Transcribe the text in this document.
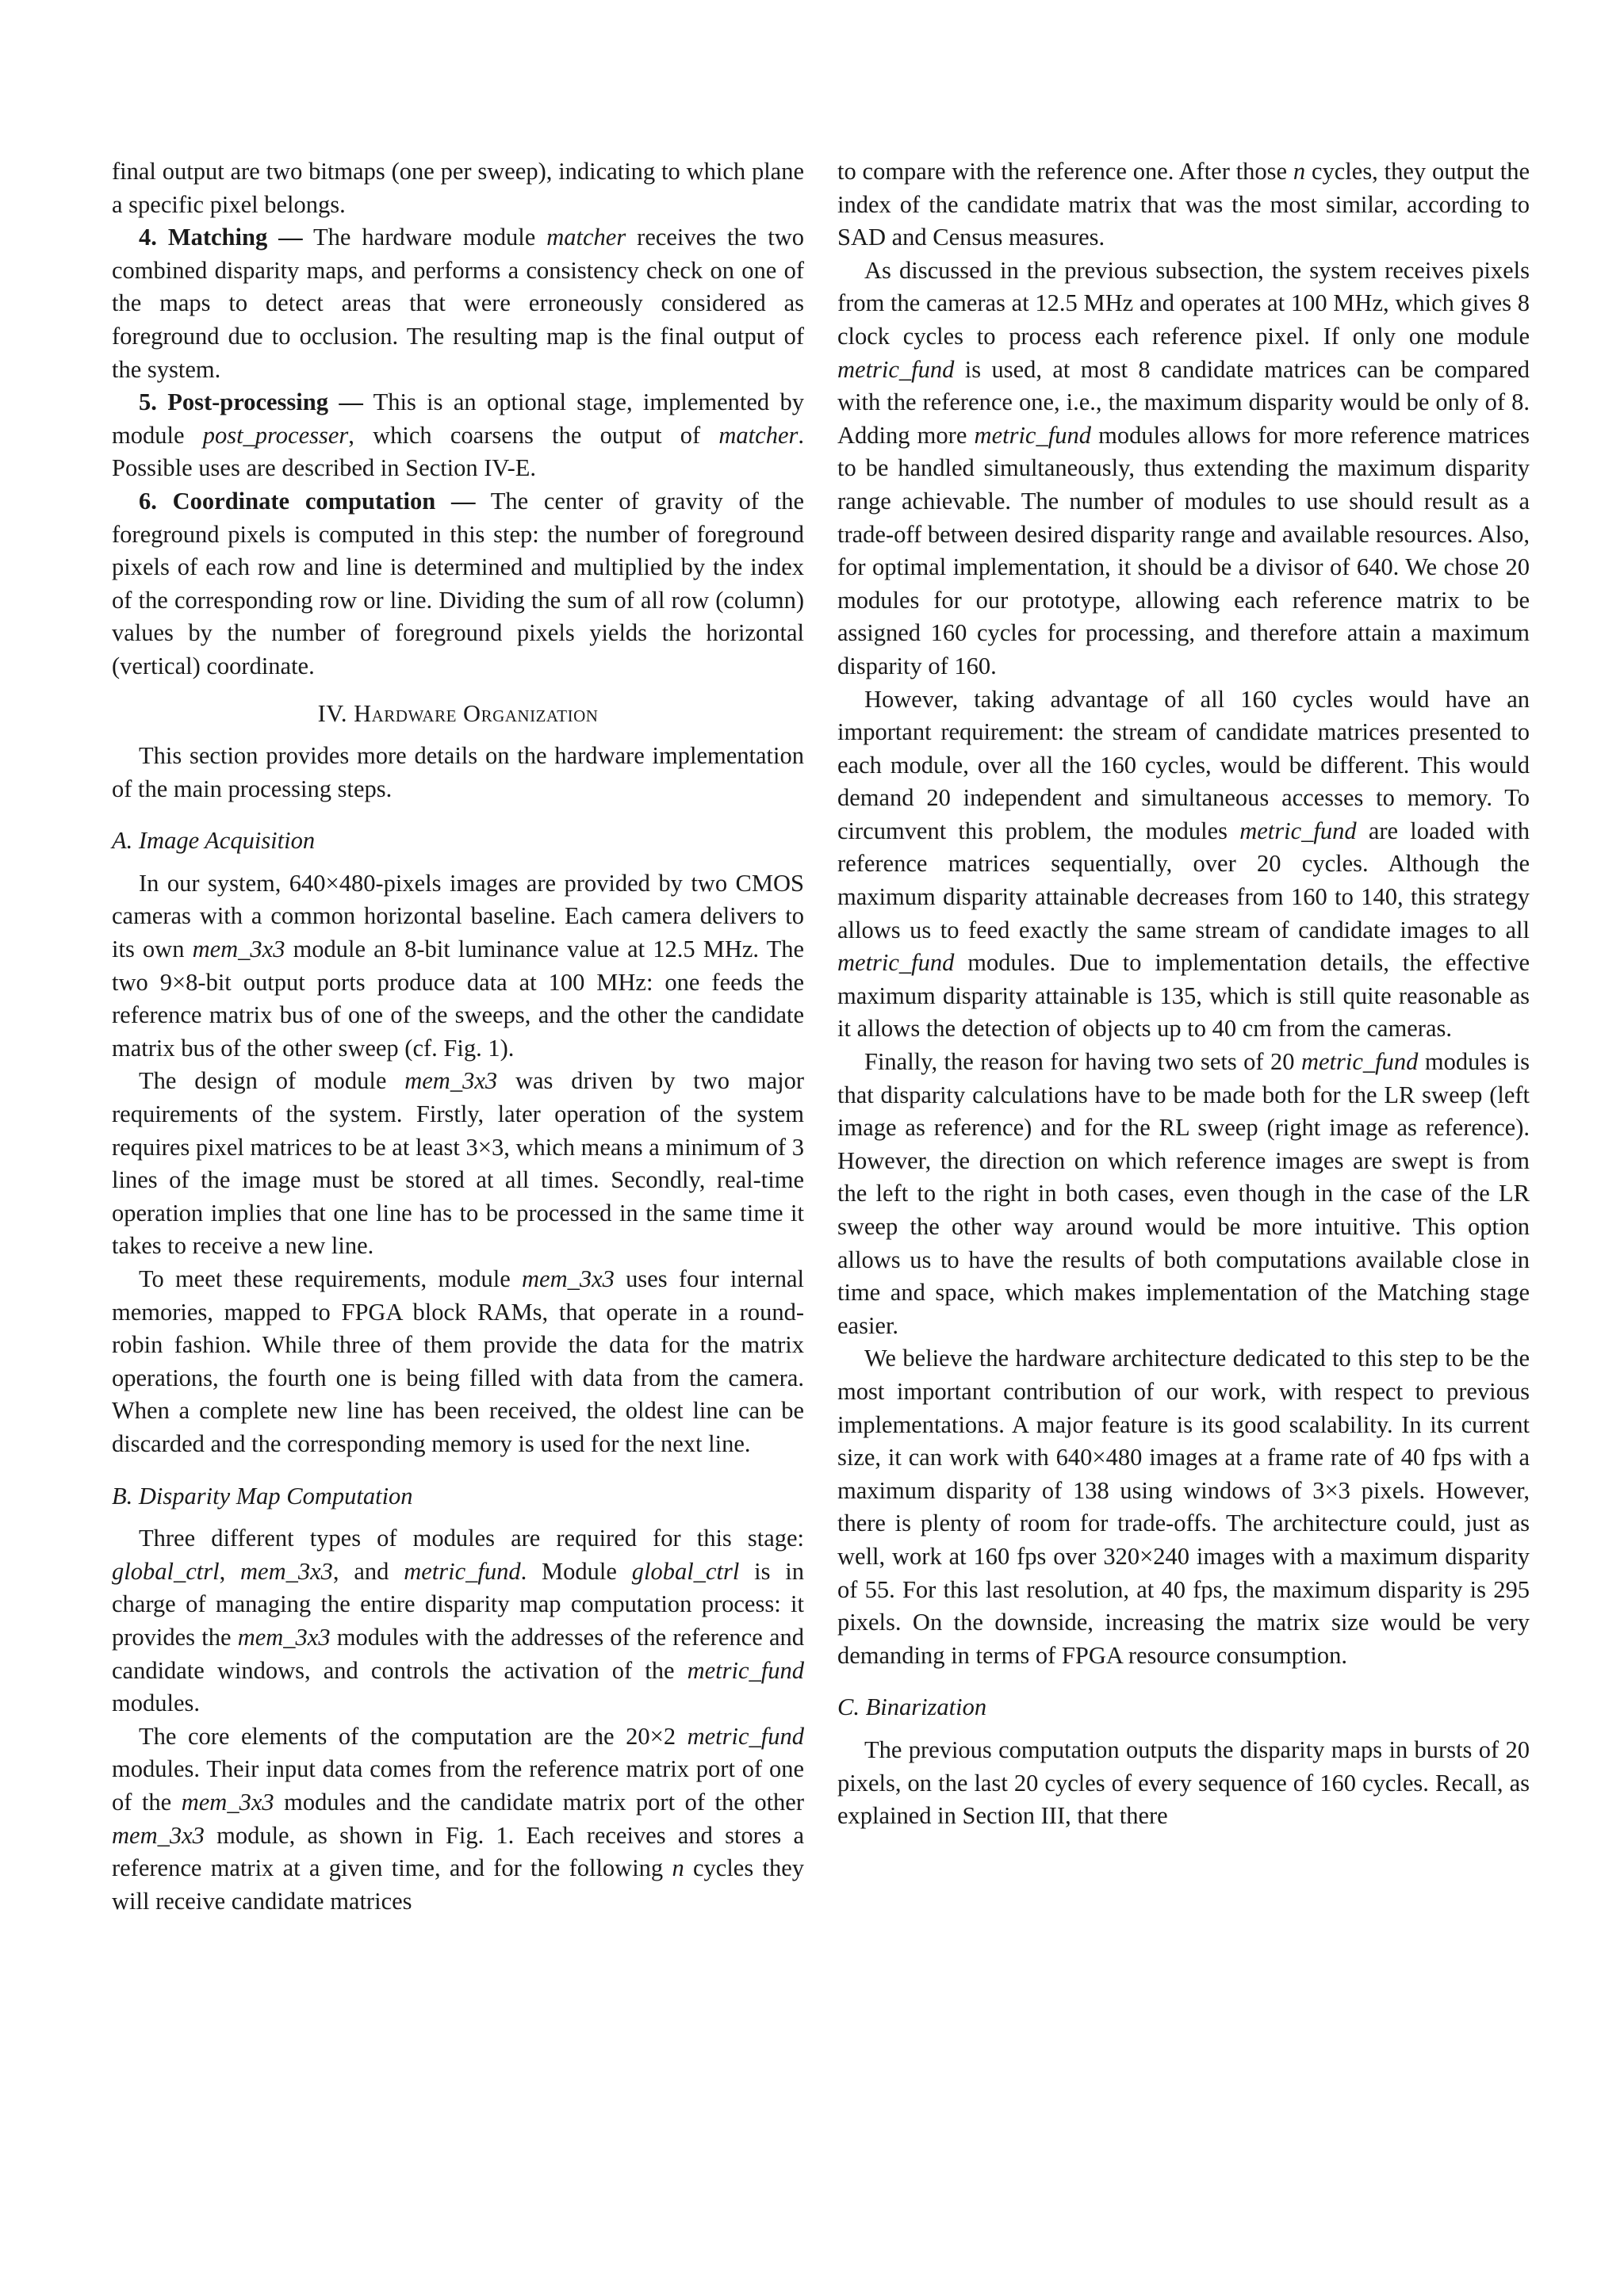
final output are two bitmaps (one per sweep), indicating to which plane a specific pixel belongs.

4. Matching — The hardware module matcher receives the two combined disparity maps, and performs a consistency check on one of the maps to detect areas that were erroneously considered as foreground due to occlusion. The resulting map is the final output of the system.

5. Post-processing — This is an optional stage, implemented by module post_processer, which coarsens the output of matcher. Possible uses are described in Section IV-E.

6. Coordinate computation — The center of gravity of the foreground pixels is computed in this step: the number of foreground pixels of each row and line is determined and multiplied by the index of the corresponding row or line. Dividing the sum of all row (column) values by the number of foreground pixels yields the horizontal (vertical) coordinate.

IV. Hardware Organization

This section provides more details on the hardware implementation of the main processing steps.

A. Image Acquisition

In our system, 640×480-pixels images are provided by two CMOS cameras with a common horizontal baseline. Each camera delivers to its own mem_3x3 module an 8-bit luminance value at 12.5 MHz. The two 9×8-bit output ports produce data at 100 MHz: one feeds the reference matrix bus of one of the sweeps, and the other the candidate matrix bus of the other sweep (cf. Fig. 1).

The design of module mem_3x3 was driven by two major requirements of the system. Firstly, later operation of the system requires pixel matrices to be at least 3×3, which means a minimum of 3 lines of the image must be stored at all times. Secondly, real-time operation implies that one line has to be processed in the same time it takes to receive a new line.

To meet these requirements, module mem_3x3 uses four internal memories, mapped to FPGA block RAMs, that operate in a round-robin fashion. While three of them provide the data for the matrix operations, the fourth one is being filled with data from the camera. When a complete new line has been received, the oldest line can be discarded and the corresponding memory is used for the next line.

B. Disparity Map Computation

Three different types of modules are required for this stage: global_ctrl, mem_3x3, and metric_fund. Module global_ctrl is in charge of managing the entire disparity map computation process: it provides the mem_3x3 modules with the addresses of the reference and candidate windows, and controls the activation of the metric_fund modules.

The core elements of the computation are the 20×2 metric_fund modules. Their input data comes from the reference matrix port of one of the mem_3x3 modules and the candidate matrix port of the other mem_3x3 module, as shown in Fig. 1. Each receives and stores a reference matrix at a given time, and for the following n cycles they will receive candidate matrices

to compare with the reference one. After those n cycles, they output the index of the candidate matrix that was the most similar, according to SAD and Census measures.

As discussed in the previous subsection, the system receives pixels from the cameras at 12.5 MHz and operates at 100 MHz, which gives 8 clock cycles to process each reference pixel. If only one module metric_fund is used, at most 8 candidate matrices can be compared with the reference one, i.e., the maximum disparity would be only of 8. Adding more metric_fund modules allows for more reference matrices to be handled simultaneously, thus extending the maximum disparity range achievable. The number of modules to use should result as a trade-off between desired disparity range and available resources. Also, for optimal implementation, it should be a divisor of 640. We chose 20 modules for our prototype, allowing each reference matrix to be assigned 160 cycles for processing, and therefore attain a maximum disparity of 160.

However, taking advantage of all 160 cycles would have an important requirement: the stream of candidate matrices presented to each module, over all the 160 cycles, would be different. This would demand 20 independent and simultaneous accesses to memory. To circumvent this problem, the modules metric_fund are loaded with reference matrices sequentially, over 20 cycles. Although the maximum disparity attainable decreases from 160 to 140, this strategy allows us to feed exactly the same stream of candidate images to all metric_fund modules. Due to implementation details, the effective maximum disparity attainable is 135, which is still quite reasonable as it allows the detection of objects up to 40 cm from the cameras.

Finally, the reason for having two sets of 20 metric_fund modules is that disparity calculations have to be made both for the LR sweep (left image as reference) and for the RL sweep (right image as reference). However, the direction on which reference images are swept is from the left to the right in both cases, even though in the case of the LR sweep the other way around would be more intuitive. This option allows us to have the results of both computations available close in time and space, which makes implementation of the Matching stage easier.

We believe the hardware architecture dedicated to this step to be the most important contribution of our work, with respect to previous implementations. A major feature is its good scalability. In its current size, it can work with 640×480 images at a frame rate of 40 fps with a maximum disparity of 138 using windows of 3×3 pixels. However, there is plenty of room for trade-offs. The architecture could, just as well, work at 160 fps over 320×240 images with a maximum disparity of 55. For this last resolution, at 40 fps, the maximum disparity is 295 pixels. On the downside, increasing the matrix size would be very demanding in terms of FPGA resource consumption.

C. Binarization

The previous computation outputs the disparity maps in bursts of 20 pixels, on the last 20 cycles of every sequence of 160 cycles. Recall, as explained in Section III, that there
